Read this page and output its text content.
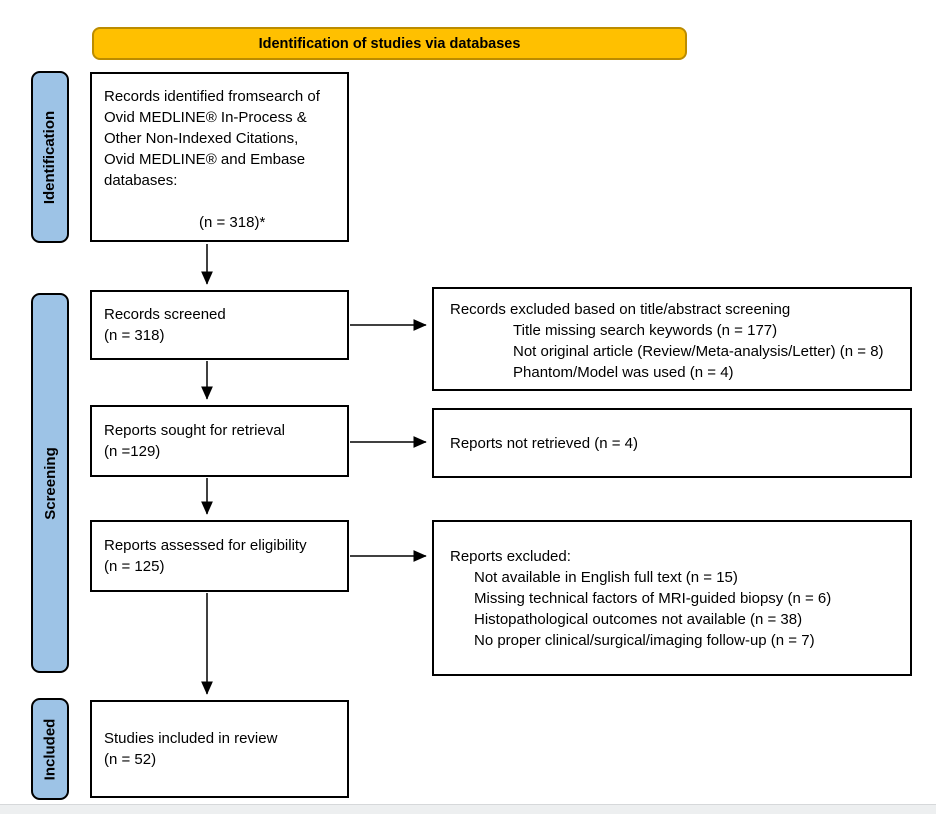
Identification of studies via databases
Identification
Screening
Included
Records identified fromsearch of
Ovid MEDLINE® In-Process &
Other Non-Indexed Citations,
Ovid MEDLINE® and Embase
databases:
(n = 318)*
Records screened
(n = 318)
Reports sought for retrieval
(n =129)
Reports assessed for eligibility
(n = 125)
Studies included in review
(n = 52)
Records excluded based on title/abstract screening
Title missing search keywords (n = 177)
Not original article (Review/Meta-analysis/Letter) (n = 8)
Phantom/Model was used (n = 4)
Reports not retrieved (n = 4)
Reports excluded:
Not available in English full text (n = 15)
Missing technical factors of MRI-guided biopsy (n = 6)
Histopathological outcomes not available (n = 38)
No proper clinical/surgical/imaging follow-up (n = 7)
